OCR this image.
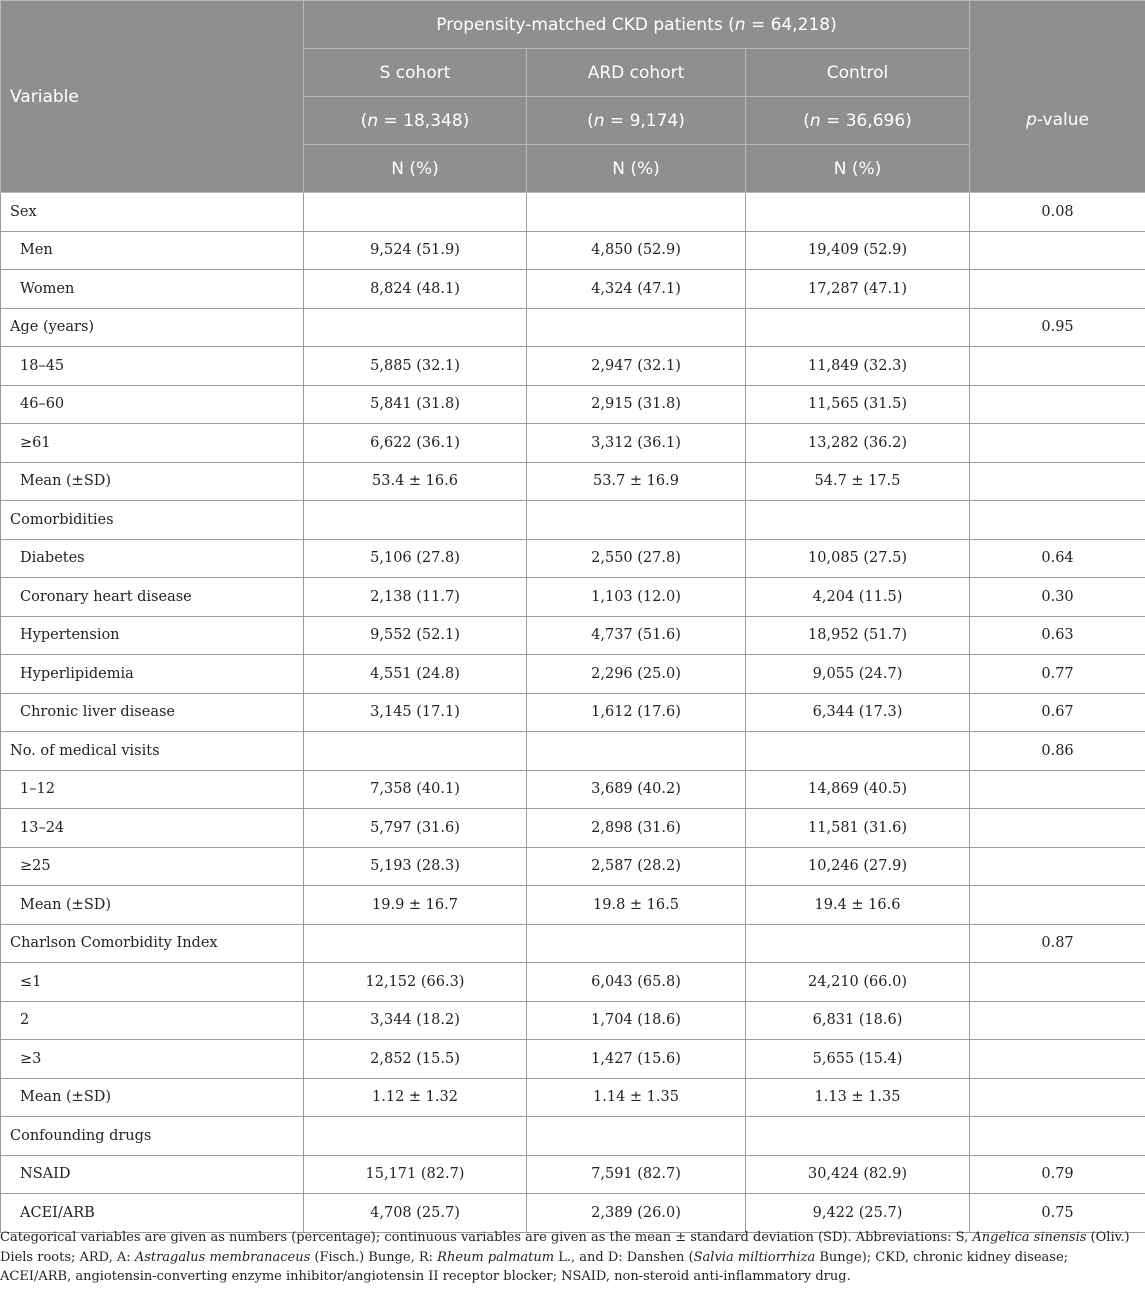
Variable	Propensity-matched CKD patients (n = 64,218)			
	S cohort	ARD cohort	Control	p-value
	(n = 18,348)	(n = 9,174)	(n = 36,696)	
	N (%)	N (%)	N (%)	
Sex				0.08
Men	9,524 (51.9)	4,850 (52.9)	19,409 (52.9)	
Women	8,824 (48.1)	4,324 (47.1)	17,287 (47.1)	
Age (years)				0.95
18–45	5,885 (32.1)	2,947 (32.1)	11,849 (32.3)	
46–60	5,841 (31.8)	2,915 (31.8)	11,565 (31.5)	
≥61	6,622 (36.1)	3,312 (36.1)	13,282 (36.2)	
Mean (±SD)	53.4 ± 16.6	53.7 ± 16.9	54.7 ± 17.5	
Comorbidities				
Diabetes	5,106 (27.8)	2,550 (27.8)	10,085 (27.5)	0.64
Coronary heart disease	2,138 (11.7)	1,103 (12.0)	4,204 (11.5)	0.30
Hypertension	9,552 (52.1)	4,737 (51.6)	18,952 (51.7)	0.63
Hyperlipidemia	4,551 (24.8)	2,296 (25.0)	9,055 (24.7)	0.77
Chronic liver disease	3,145 (17.1)	1,612 (17.6)	6,344 (17.3)	0.67
No. of medical visits				0.86
1–12	7,358 (40.1)	3,689 (40.2)	14,869 (40.5)	
13–24	5,797 (31.6)	2,898 (31.6)	11,581 (31.6)	
≥25	5,193 (28.3)	2,587 (28.2)	10,246 (27.9)	
Mean (±SD)	19.9 ± 16.7	19.8 ± 16.5	19.4 ± 16.6	
Charlson Comorbidity Index				0.87
≤1	12,152 (66.3)	6,043 (65.8)	24,210 (66.0)	
2	3,344 (18.2)	1,704 (18.6)	6,831 (18.6)	
≥3	2,852 (15.5)	1,427 (15.6)	5,655 (15.4)	
Mean (±SD)	1.12 ± 1.32	1.14 ± 1.35	1.13 ± 1.35	
Confounding drugs				
NSAID	15,171 (82.7)	7,591 (82.7)	30,424 (82.9)	0.79
ACEI/ARB	4,708 (25.7)	2,389 (26.0)	9,422 (25.7)	0.75
Categorical variables are given as numbers (percentage); continuous variables are given as the mean ± standard deviation (SD). Abbreviations: S, Angelica sinensis (Oliv.) Diels roots; ARD, A: Astragalus membranaceus (Fisch.) Bunge, R: Rheum palmatum L., and D: Danshen (Salvia miltiorrhiza Bunge); CKD, chronic kidney disease; ACEI/ARB, angiotensin-converting enzyme inhibitor/angiotensin II receptor blocker; NSAID, non-steroid anti-inflammatory drug.
